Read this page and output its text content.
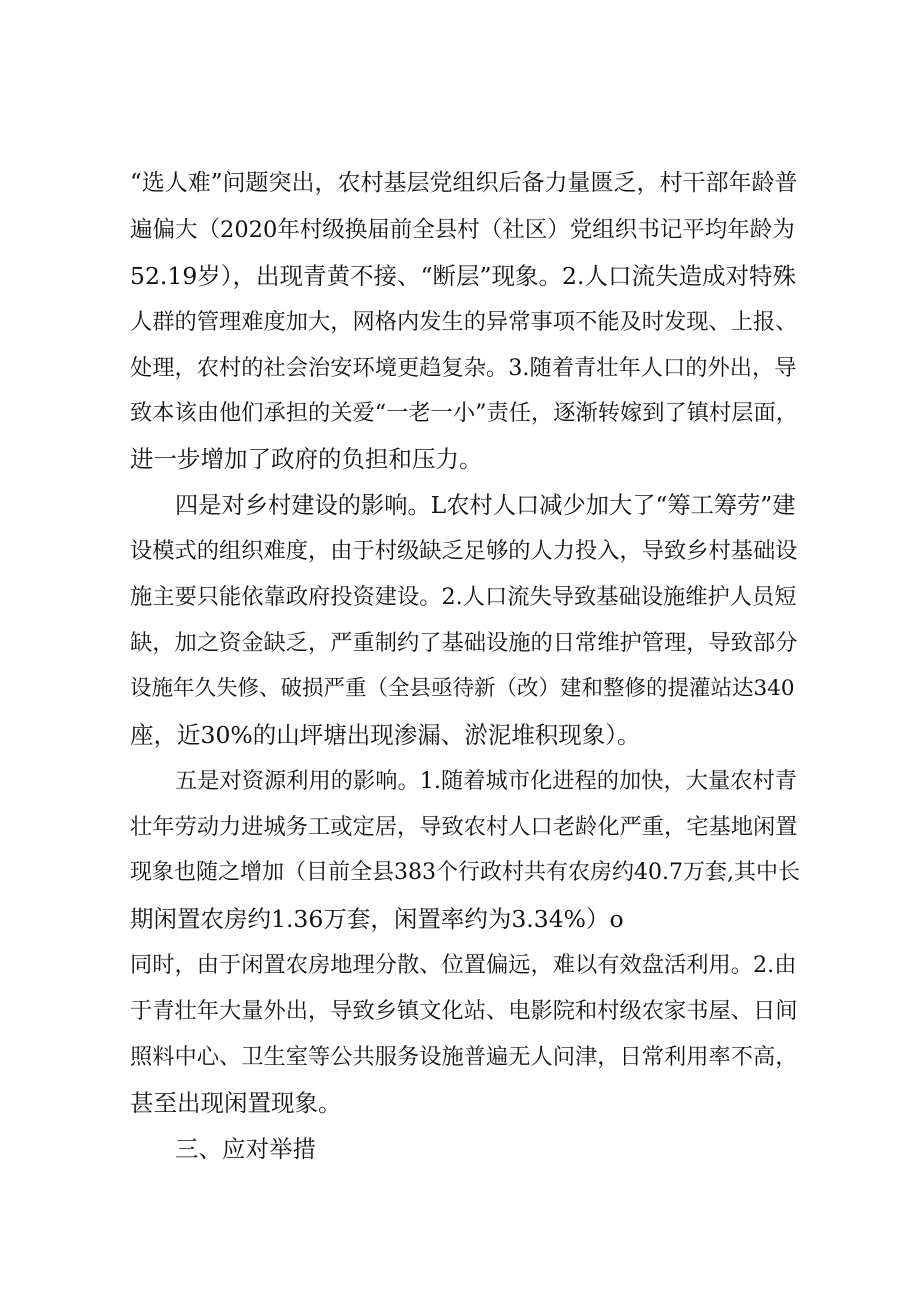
“选人难”问题突出，农村基层党组织后备力量匮乏，村干部年龄普
遍偏大（2020年村级换届前全县村（社区）党组织书记平均年龄为
52.19岁），出现青黄不接、“断层”现象。2.人口流失造成对特殊
人群的管理难度加大，网格内发生的异常事项不能及时发现、上报、
处理，农村的社会治安环境更趋复杂。3.随着青壮年人口的外出，导
致本该由他们承担的关爱“一老一小”责任，逐渐转嫁到了镇村层面，
进一步增加了政府的负担和压力。
四是对乡村建设的影响。L农村人口减少加大了“筹工筹劳”建
设模式的组织难度，由于村级缺乏足够的人力投入，导致乡村基础设
施主要只能依靠政府投资建设。2.人口流失导致基础设施维护人员短
缺，加之资金缺乏，严重制约了基础设施的日常维护管理，导致部分
设施年久失修、破损严重（全县亟待新（改）建和整修的提灌站达340
座，近30%的山坪塘出现渗漏、淤泥堆积现象）。
五是对资源利用的影响。1.随着城市化进程的加快，大量农村青
壮年劳动力进城务工或定居，导致农村人口老龄化严重，宅基地闲置
现象也随之增加（目前全县383个行政村共有农房约40.7万套,其中长
期闲置农房约1.36万套，闲置率约为3.34%）o
同时，由于闲置农房地理分散、位置偏远，难以有效盘活利用。2.由
于青壮年大量外出，导致乡镇文化站、电影院和村级农家书屋、日间
照料中心、卫生室等公共服务设施普遍无人问津，日常利用率不高，
甚至出现闲置现象。
三、应对举措
